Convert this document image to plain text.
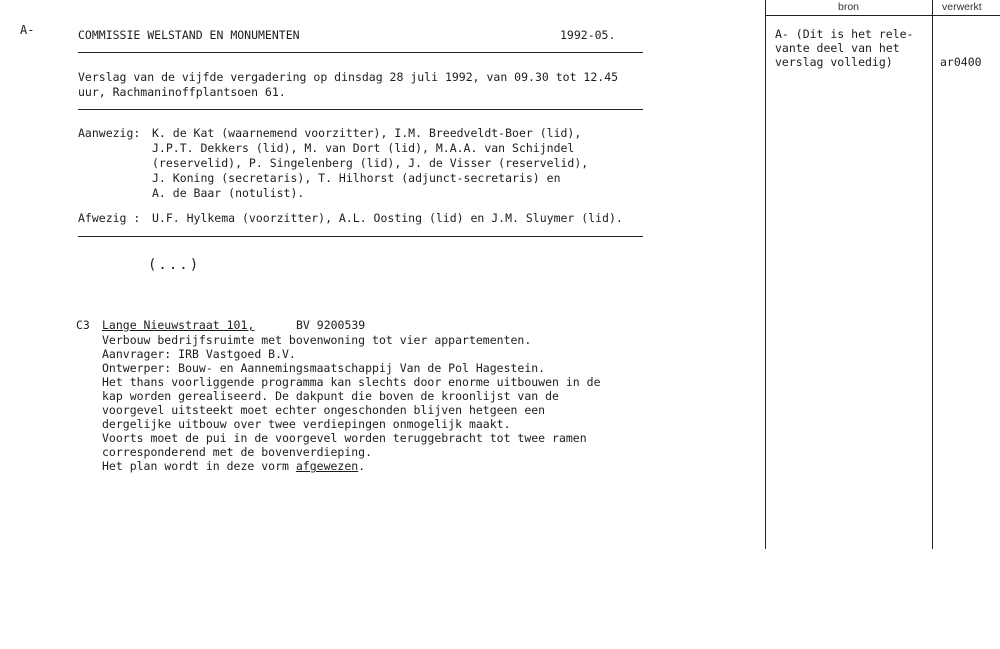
A-	COMMISSIE WELSTAND EN MONUMENTEN	1992-05.
Verslag van de vijfde vergadering op dinsdag 28 juli 1992, van 09.30 tot 12.45
uur, Rachmaninoffplantsoen 61.
Aanwezig: K. de Kat (waarnemend voorzitter), I.M. Breedveldt-Boer (lid),
J.P.T. Dekkers (lid), M. van Dort (lid), M.A.A. van Schijndel
(reservelid), P. Singelenberg (lid), J. de Visser (reservelid),
J. Koning (secretaris), T. Hilhorst (adjunct-secretaris) en
A. de Baar (notulist).
Afwezig : U.F. Hylkema (voorzitter), A.L. Oosting (lid) en J.M. Sluymer (lid).
(...)
C3 Lange Nieuwstraat 101,	BV 9200539
Verbouw bedrijfsruimte met bovenwoning tot vier appartementen.
Aanvrager: IRB Vastgoed B.V.
Ontwerper: Bouw- en Aannemingsmaatschappij Van de Pol Hagestein.
Het thans voorliggende programma kan slechts door enorme uitbouwen in de
kap worden gerealiseerd. De dakpunt die boven de kroonlijst van de
voorgevel uitsteekt moet echter ongeschonden blijven hetgeen een
dergelijke uitbouw over twee verdiepingen onmogelijk maakt.
Voorts moet de pui in de voorgevel worden teruggebracht tot twee ramen
corresponderend met de bovenverdieping.
Het plan wordt in deze vorm afgewezen.
bron	verwerkt
A- (Dit is het rele-
vante deel van het
verslag volledig)	ar0400
